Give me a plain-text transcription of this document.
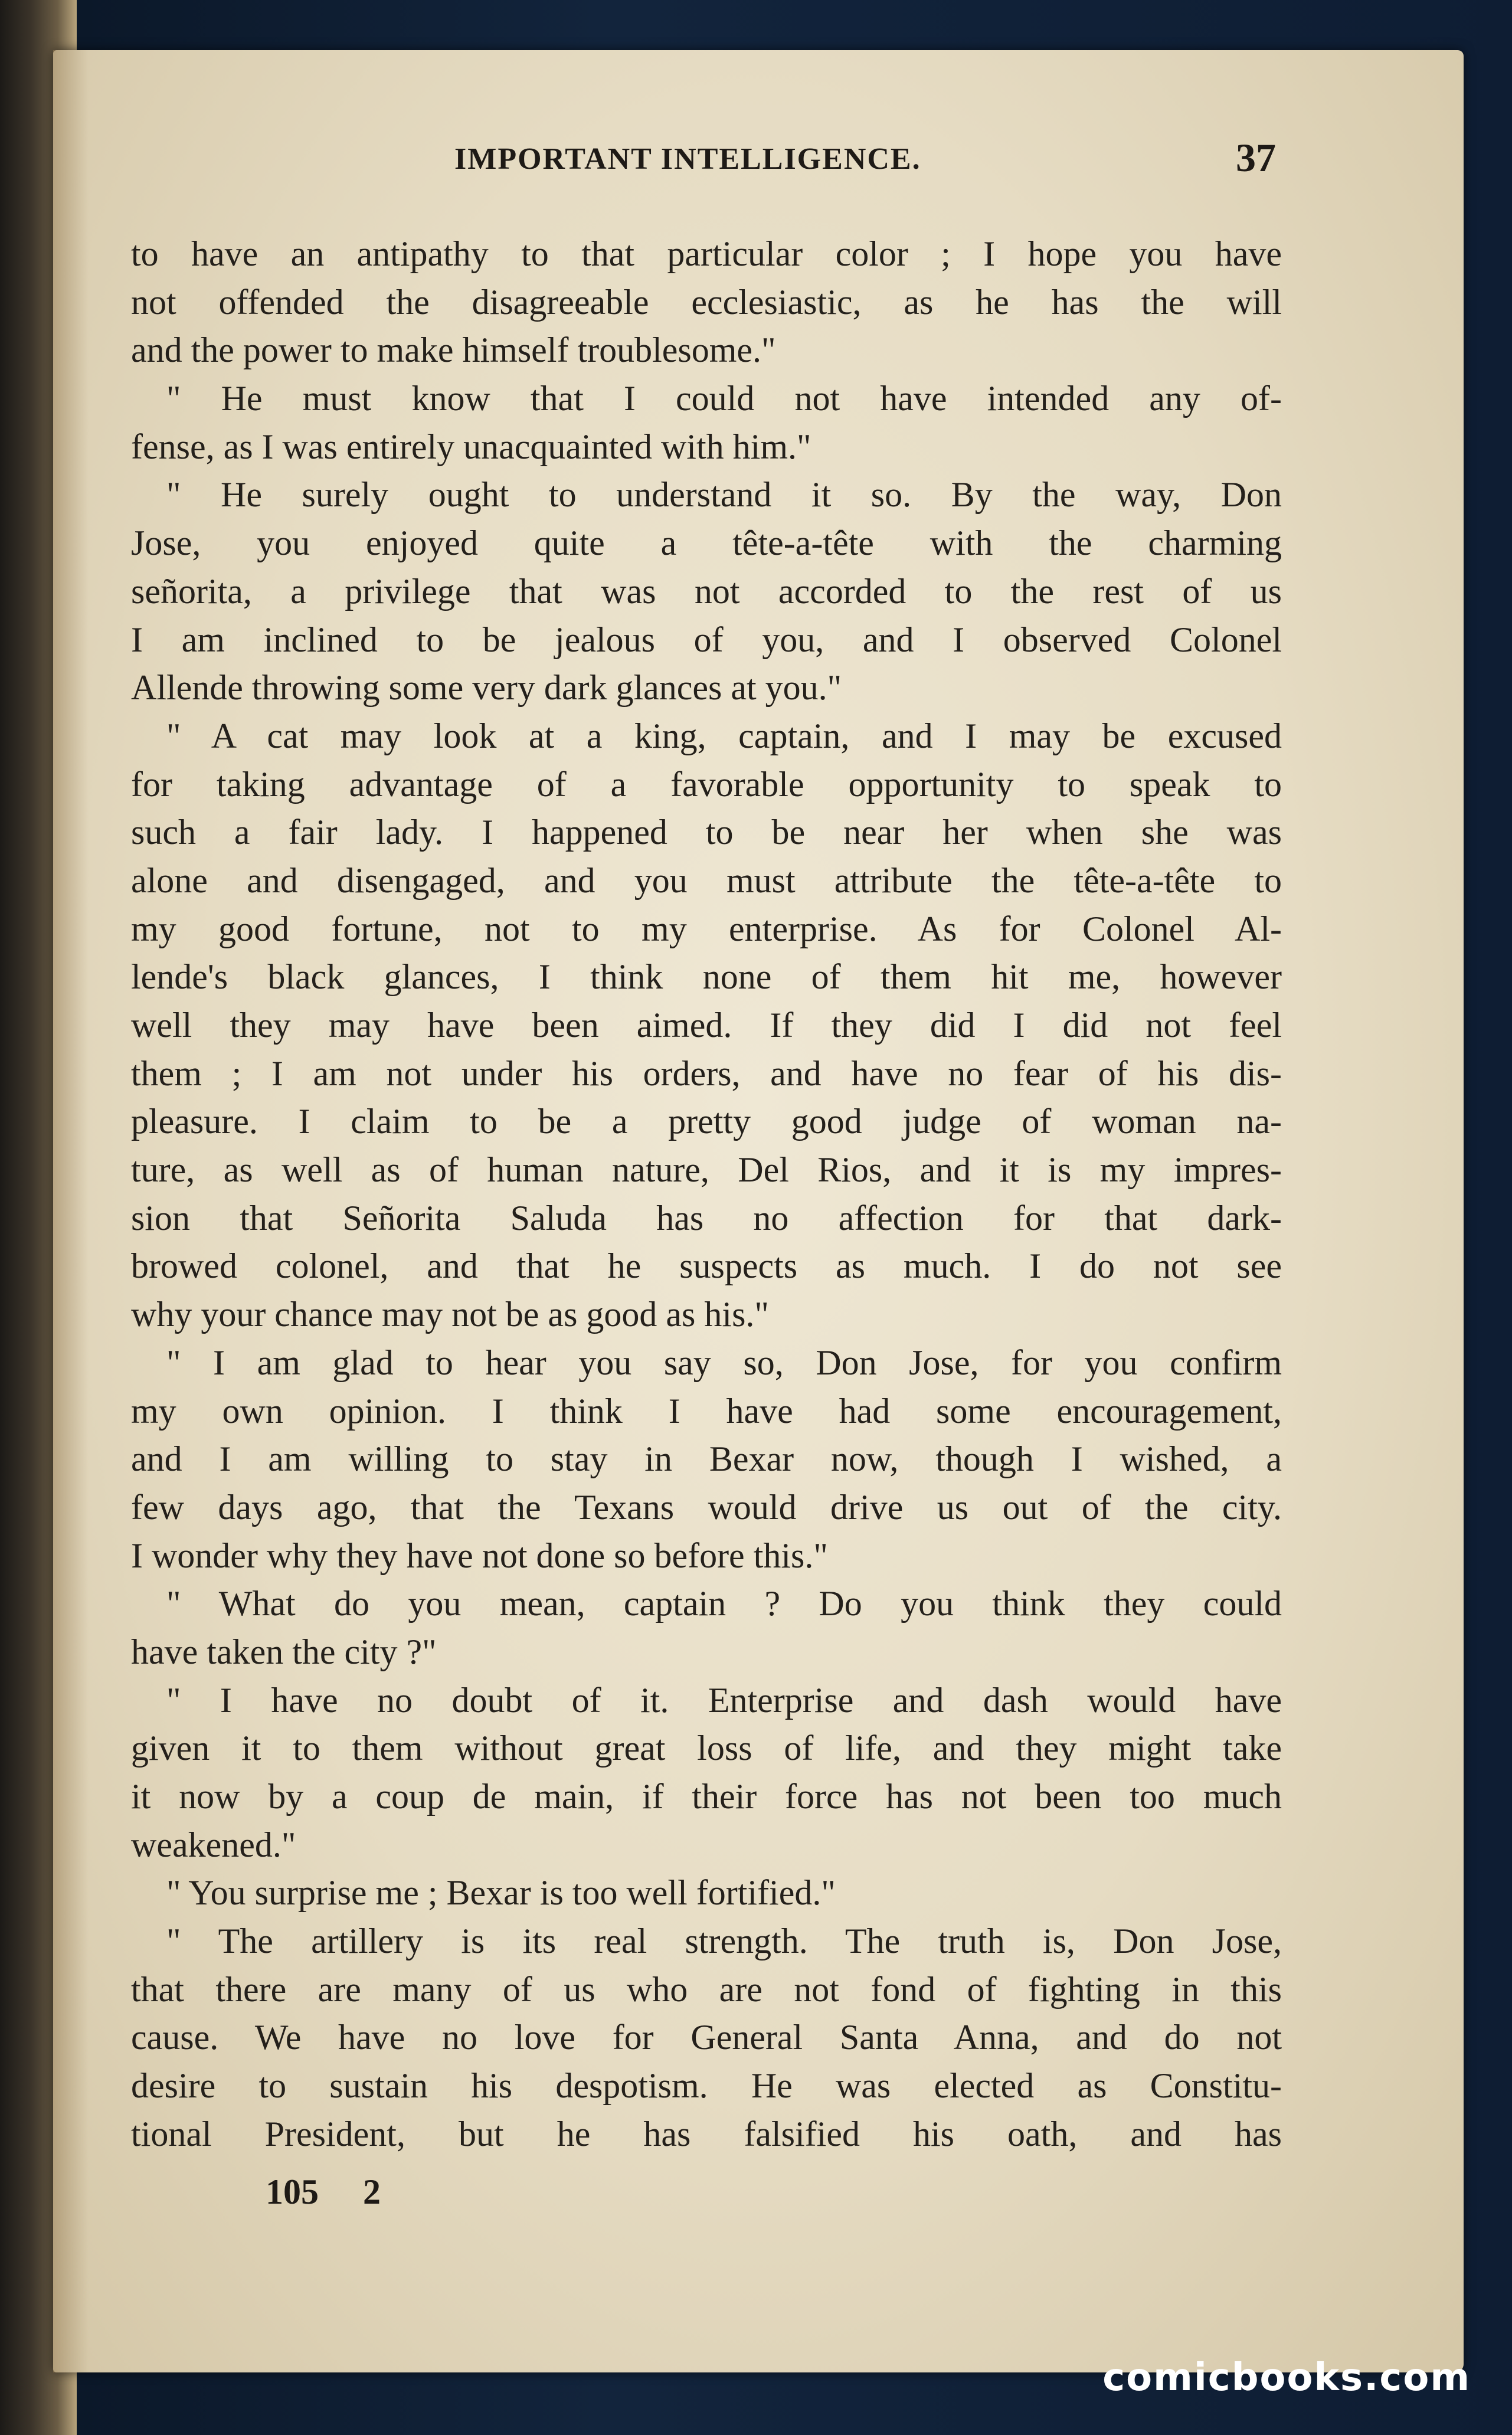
IMPORTANT INTELLIGENCE.	37
to have an antipathy to that particular color ; I hope you have
not offended the disagreeable ecclesiastic, as he has the will
and the power to make himself troublesome."
" He must know that I could not have intended any of-
fense, as I was entirely unacquainted with him."
" He surely ought to understand it so. By the way, Don
Jose, you enjoyed quite a tête-a-tête with the charming
señorita, a privilege that was not accorded to the rest of us
I am inclined to be jealous of you, and I observed Colonel
Allende throwing some very dark glances at you."
" A cat may look at a king, captain, and I may be excused
for taking advantage of a favorable opportunity to speak to
such a fair lady. I happened to be near her when she was
alone and disengaged, and you must attribute the tête-a-tête to
my good fortune, not to my enterprise. As for Colonel Al-
lende's black glances, I think none of them hit me, however
well they may have been aimed. If they did I did not feel
them ; I am not under his orders, and have no fear of his dis-
pleasure. I claim to be a pretty good judge of woman na-
ture, as well as of human nature, Del Rios, and it is my impres-
sion that Señorita Saluda has no affection for that dark-
browed colonel, and that he suspects as much. I do not see
why your chance may not be as good as his."
" I am glad to hear you say so, Don Jose, for you confirm
my own opinion. I think I have had some encouragement,
and I am willing to stay in Bexar now, though I wished, a
few days ago, that the Texans would drive us out of the city.
I wonder why they have not done so before this."
" What do you mean, captain ? Do you think they could
have taken the city ?"
" I have no doubt of it. Enterprise and dash would have
given it to them without great loss of life, and they might take
it now by a coup de main, if their force has not been too much
weakened."
" You surprise me ; Bexar is too well fortified."
" The artillery is its real strength. The truth is, Don Jose,
that there are many of us who are not fond of fighting in this
cause. We have no love for General Santa Anna, and do not
desire to sustain his despotism. He was elected as Constitu-
tional President, but he has falsified his oath, and has
105 2
comicbooks.com
